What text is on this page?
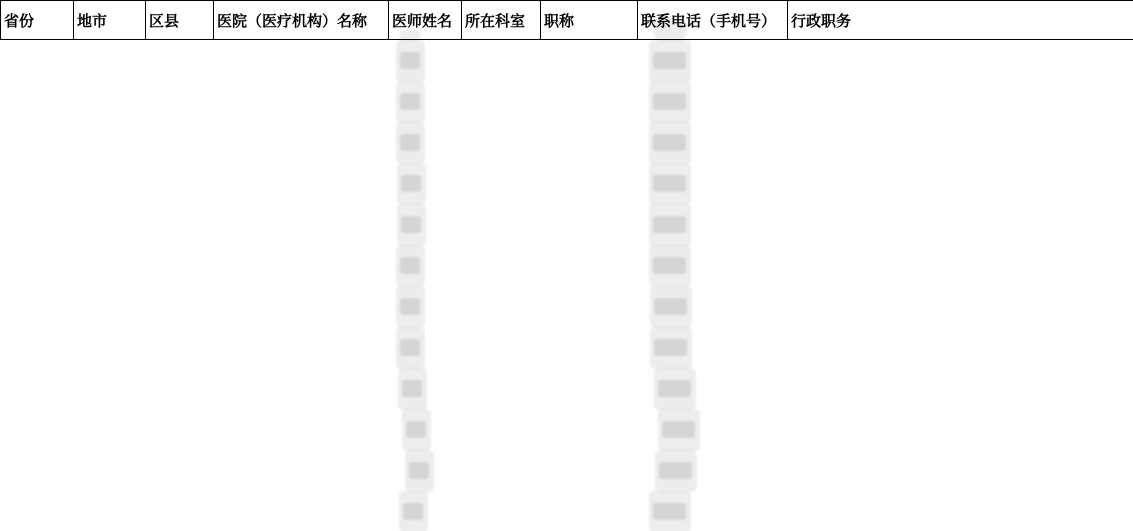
省份	地市	区县	医院（医疗机构）名称	医师姓名	所在科室	职称	联系电话（手机号）	行政职务
